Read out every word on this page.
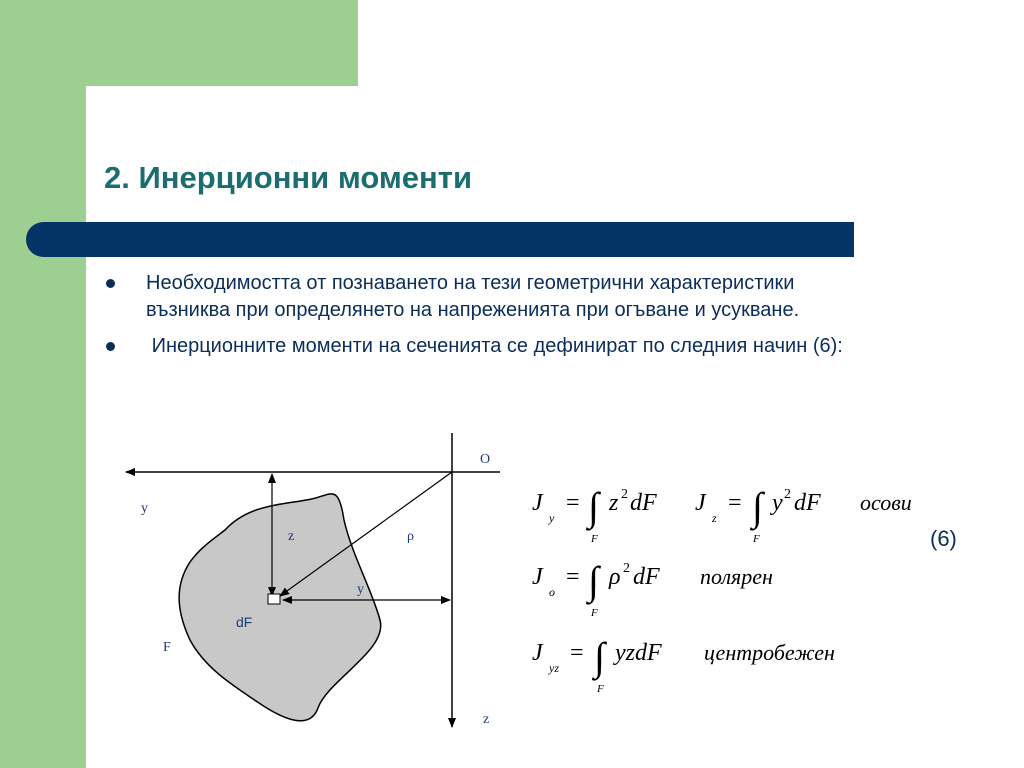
2. Инерционни моменти
Необходимостта от познаването на тези геометрични характеристики възниква при определянето на напреженията при огъване и усукване.
Инерционните моменти на сеченията се дефинират по следния начин (6):
O
y
z
z
y
ρ
dF
F
J
y
= ∫
F
z 2 dF J
z
= ∫
F
y 2 dF осови
J
o
= ∫
F
ρ 2 dF полярен
J
yz
= ∫
F
yzdF центробежен
(6)
